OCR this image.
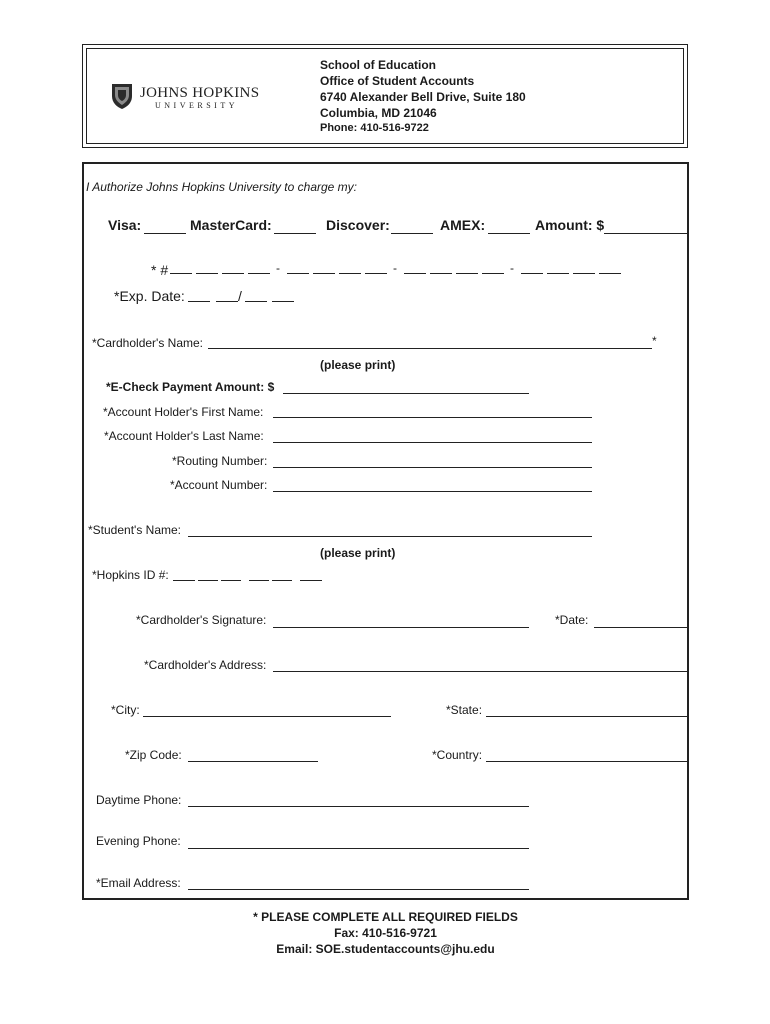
JOHNS HOPKINS
UNIVERSITY
School of Education
Office of Student Accounts
6740 Alexander Bell Drive, Suite 180
Columbia, MD 21046
Phone: 410-516-9722
I Authorize Johns Hopkins University to charge my:
Visa:	MasterCard:	Discover:	AMEX:	Amount: $
* #	-	-	-
*Exp. Date:	/
*Cardholder's Name:	*
(please print)
*E-Check Payment Amount: $
*Account Holder's First Name:
*Account Holder's Last Name:
*Routing Number:
*Account Number:
*Student's Name:
(please print)
*Hopkins ID #:
*Cardholder's Signature:	*Date:
*Cardholder's Address:
*City:	*State:
*Zip Code:	*Country:
Daytime Phone:
Evening Phone:
*Email Address:
* PLEASE COMPLETE ALL REQUIRED FIELDS
Fax: 410-516-9721
Email: SOE.studentaccounts@jhu.edu
